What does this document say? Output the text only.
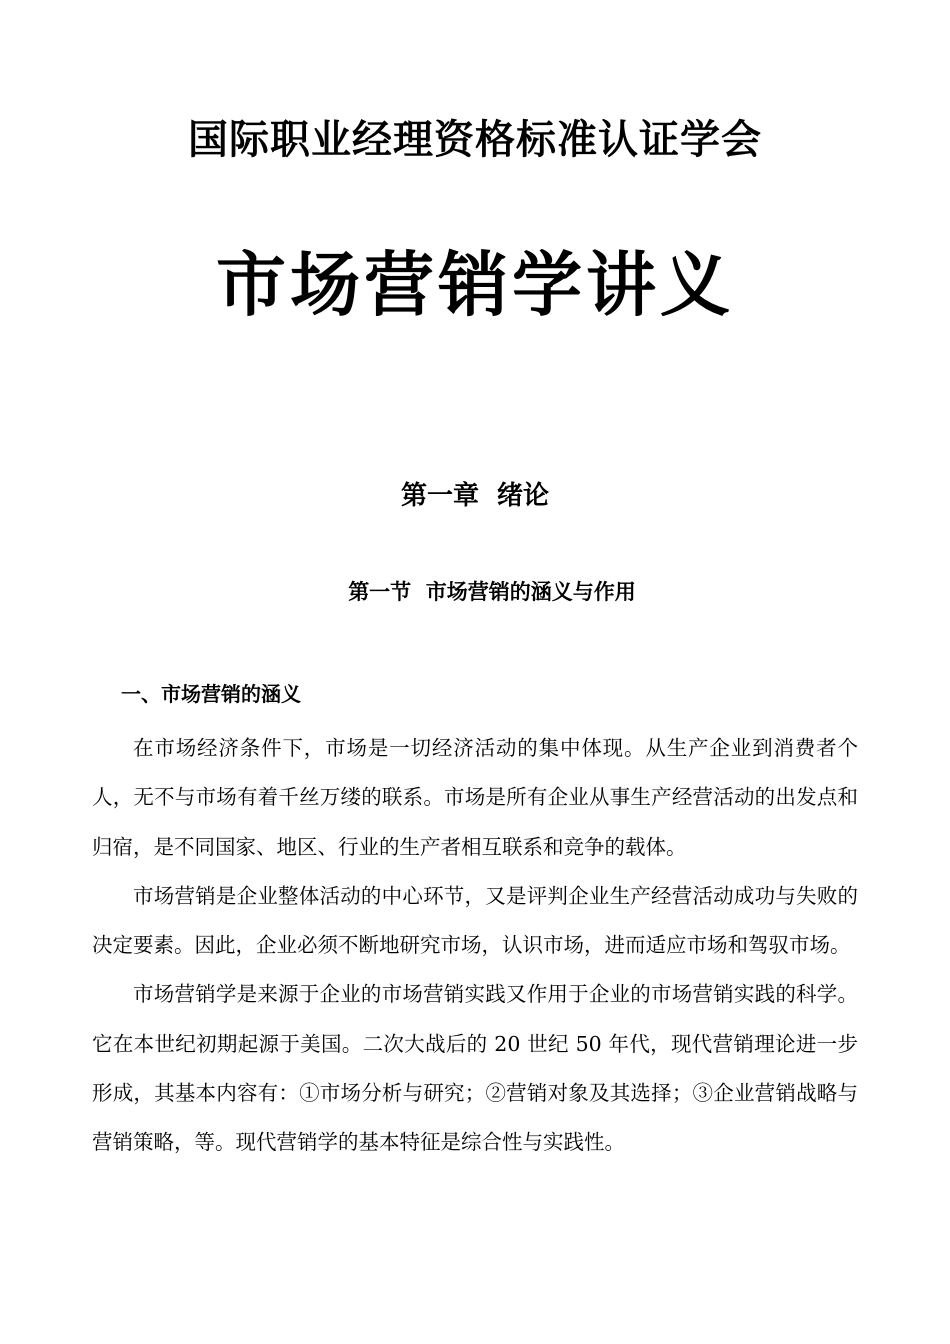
国际职业经理资格标准认证学会
市场营销学讲义
第一章  绪论
第一节  市场营销的涵义与作用
一、市场营销的涵义

在市场经济条件下，市场是一切经济活动的集中体现。从生产企业到消费者个人，无不与市场有着千丝万缕的联系。市场是所有企业从事生产经营活动的出发点和归宿，是不同国家、地区、行业的生产者相互联系和竞争的载体。

市场营销是企业整体活动的中心环节，又是评判企业生产经营活动成功与失败的决定要素。因此，企业必须不断地研究市场，认识市场，进而适应市场和驾驭市场。

市场营销学是来源于企业的市场营销实践又作用于企业的市场营销实践的科学。它在本世纪初期起源于美国。二次大战后的 20 世纪 50 年代，现代营销理论进一步形成，其基本内容有：①市场分析与研究；②营销对象及其选择；③企业营销战略与营销策略，等。现代营销学的基本特征是综合性与实践性。
